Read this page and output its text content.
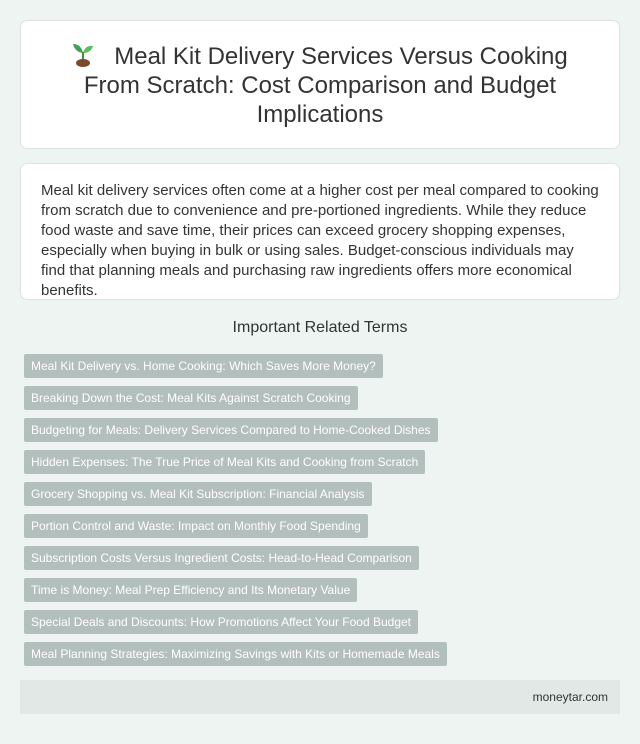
Meal Kit Delivery Services Versus Cooking From Scratch: Cost Comparison and Budget Implications

Meal kit delivery services often come at a higher cost per meal compared to cooking from scratch due to convenience and pre-portioned ingredients. While they reduce food waste and save time, their prices can exceed grocery shopping expenses, especially when buying in bulk or using sales. Budget-conscious individuals may find that planning meals and purchasing raw ingredients offers more economical benefits.

Important Related Terms
Meal Kit Delivery vs. Home Cooking: Which Saves More Money?
Breaking Down the Cost: Meal Kits Against Scratch Cooking
Budgeting for Meals: Delivery Services Compared to Home-Cooked Dishes
Hidden Expenses: The True Price of Meal Kits and Cooking from Scratch
Grocery Shopping vs. Meal Kit Subscription: Financial Analysis
Portion Control and Waste: Impact on Monthly Food Spending
Subscription Costs Versus Ingredient Costs: Head-to-Head Comparison
Time is Money: Meal Prep Efficiency and Its Monetary Value
Special Deals and Discounts: How Promotions Affect Your Food Budget
Meal Planning Strategies: Maximizing Savings with Kits or Homemade Meals
moneytar.com
